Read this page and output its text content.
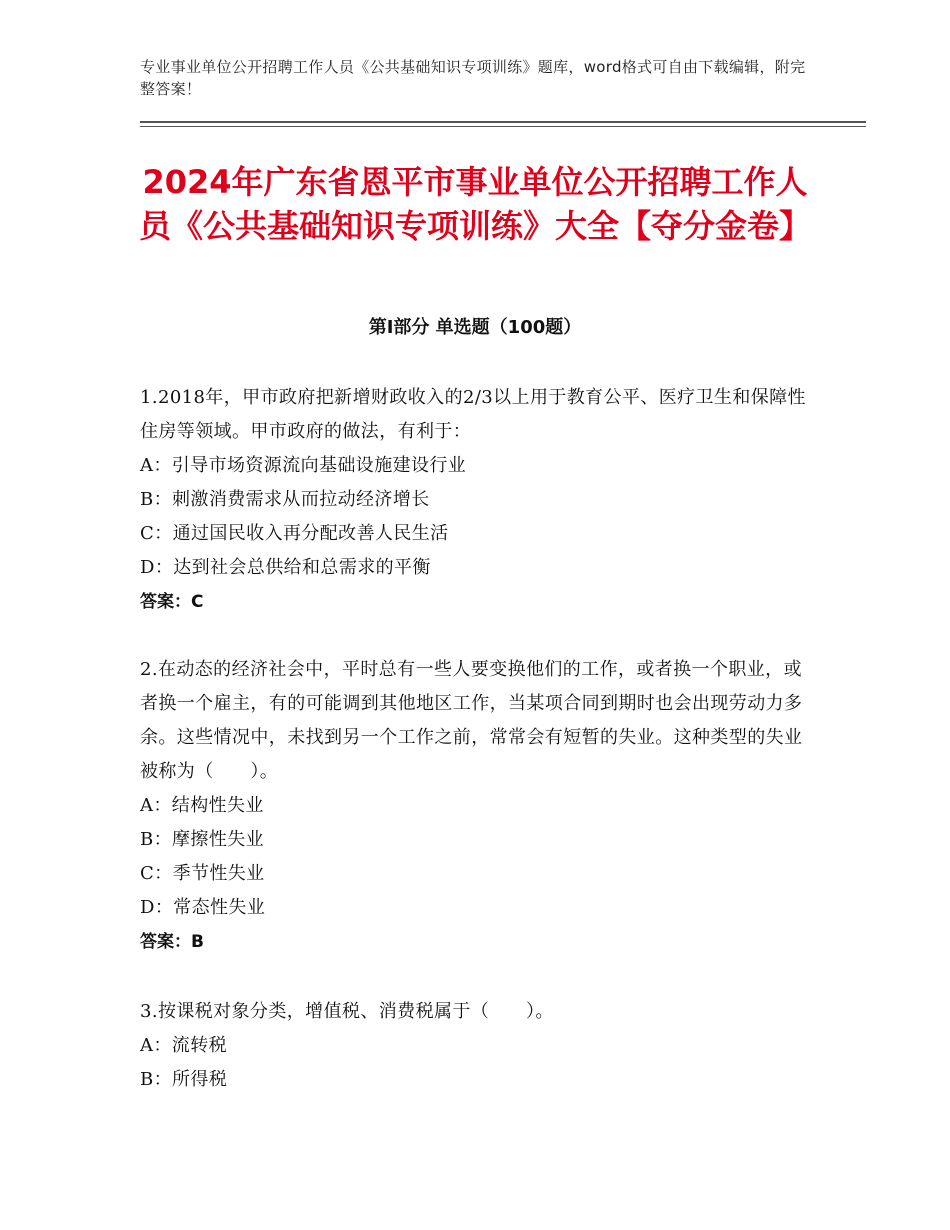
专业事业单位公开招聘工作人员《公共基础知识专项训练》题库，word格式可自由下载编辑，附完整答案！
2024年广东省恩平市事业单位公开招聘工作人员《公共基础知识专项训练》大全【夺分金卷】
第Ⅰ部分 单选题（100题）
1.2018年，甲市政府把新增财政收入的2/3以上用于教育公平、医疗卫生和保障性住房等领域。甲市政府的做法，有利于：
A：引导市场资源流向基础设施建设行业
B：刺激消费需求从而拉动经济增长
C：通过国民收入再分配改善人民生活
D：达到社会总供给和总需求的平衡
答案：C
2.在动态的经济社会中，平时总有一些人要变换他们的工作，或者换一个职业，或者换一个雇主，有的可能调到其他地区工作，当某项合同到期时也会出现劳动力多余。这些情况中，未找到另一个工作之前，常常会有短暂的失业。这种类型的失业被称为（　　）。
A：结构性失业
B：摩擦性失业
C：季节性失业
D：常态性失业
答案：B
3.按课税对象分类，增值税、消费税属于（　　）。
A：流转税
B：所得税
